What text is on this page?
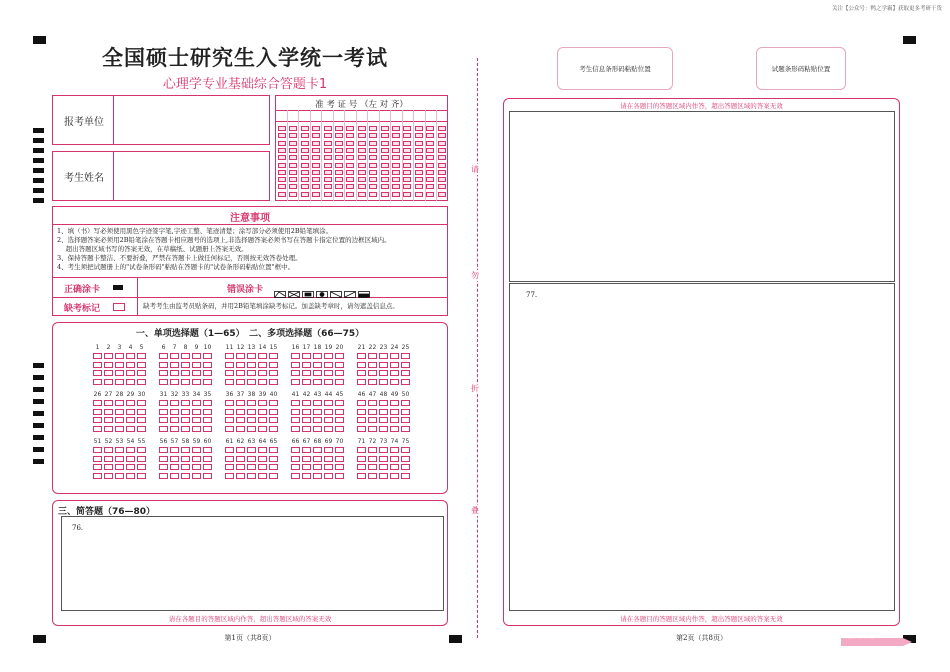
关注【公众号：鸭之学霸】获取更多考研干货
全国硕士研究生入学统一考试
心理学专业基础综合答题卡1
报考单位
考生姓名
准 考 证 号 （左 对 齐）
注意事项
1、填（书）写必须使用黑色字迹签字笔,字迹工整、笔迹清楚；涂写部分必须使用2B铅笔填涂。
2、选择题答案必须用2B铅笔涂在答题卡相应题号的选项上,非选择题答案必须书写在答题卡指定位置的边框区域内。
　 超出答题区域书写的答案无效，在草稿纸、试题册上答案无效。
3、保持答题卡整洁、不要折叠，严禁在答题卡上做任何标记，否则按无效答卷处理。
4、考生须把试题册上的"试卷条形码"粘贴在答题卡的"试卷条形码粘贴位置"框中。
正确涂卡	错误涂卡
缺考标记	缺考考生由监考员贴条码，并用2B铅笔填涂缺考标记。加盖缺考章时，请勿遮盖信息点。
一、单项选择题（1—65）　二、多项选择题（66—75）
1	2	3	4	5	6	7	8	9 10 11 12 13 14 15 16 17 18 19 20 21 22 23 24 25
26 27 28 29 30 31 32 33 34 35 36 37 38 39 40 41 42 43 44 45 46 47 48 49 50
51 52 53 54 55 56 57 58 59 60 61 62 63 64 65 66 67 68 69 70 71 72 73 74 75
三、简答题（76—80）
76.
请在各题目的答题区域内作答，超出答题区域的答案无效
第1页（共8页）
请
勿
折
叠
考生信息条形码粘贴位置	试题条形码粘贴位置
请在各题目的答题区域内作答，超出答题区域的答案无效
77.
请在各题目的答题区域内作答，超出答题区域的答案无效
第2页（共8页）	请翻页继续作答
